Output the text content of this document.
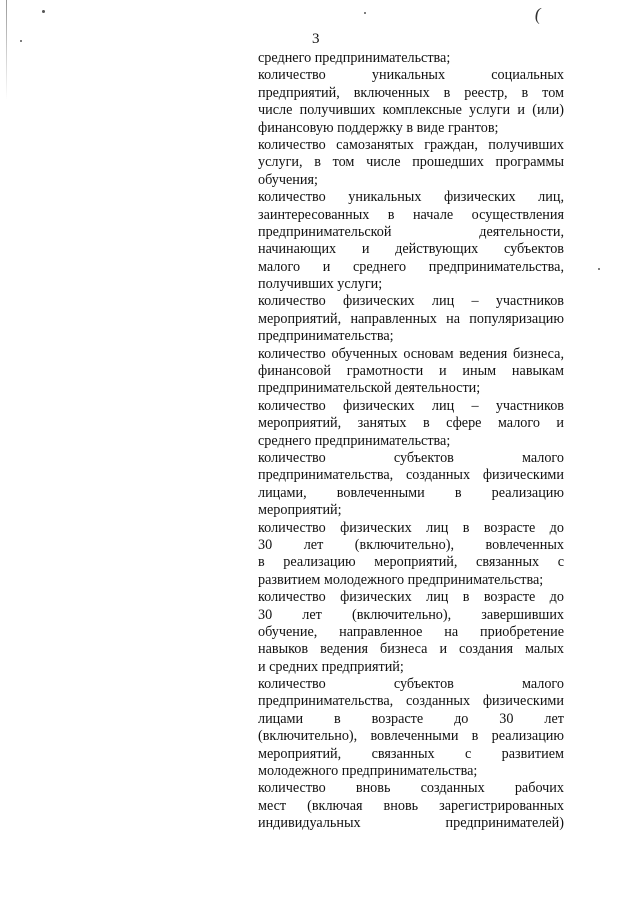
3
(
среднего предпринимательства;
количество уникальных социальных
предприятий, включенных в реестр, в том
числе получивших комплексные услуги и (или)
финансовую поддержку в виде грантов;
количество самозанятых граждан, получивших
услуги, в том числе прошедших программы
обучения;
количество уникальных физических лиц,
заинтересованных в начале осуществления
предпринимательской деятельности,
начинающих и действующих субъектов
малого и среднего предпринимательства,
получивших услуги;
количество физических лиц – участников
мероприятий, направленных на популяризацию
предпринимательства;
количество обученных основам ведения бизнеса,
финансовой грамотности и иным навыкам
предпринимательской деятельности;
количество физических лиц – участников
мероприятий, занятых в сфере малого и
среднего предпринимательства;
количество субъектов малого
предпринимательства, созданных физическими
лицами, вовлеченными в реализацию
мероприятий;
количество физических лиц в возрасте до
30 лет (включительно), вовлеченных
в реализацию мероприятий, связанных с
развитием молодежного предпринимательства;
количество физических лиц в возрасте до
30 лет (включительно), завершивших
обучение, направленное на приобретение
навыков ведения бизнеса и создания малых
и средних предприятий;
количество субъектов малого
предпринимательства, созданных физическими
лицами в возрасте до 30 лет
(включительно), вовлеченными в реализацию
мероприятий, связанных с развитием
молодежного предпринимательства;
количество вновь созданных рабочих
мест (включая вновь зарегистрированных
индивидуальных предпринимателей)
